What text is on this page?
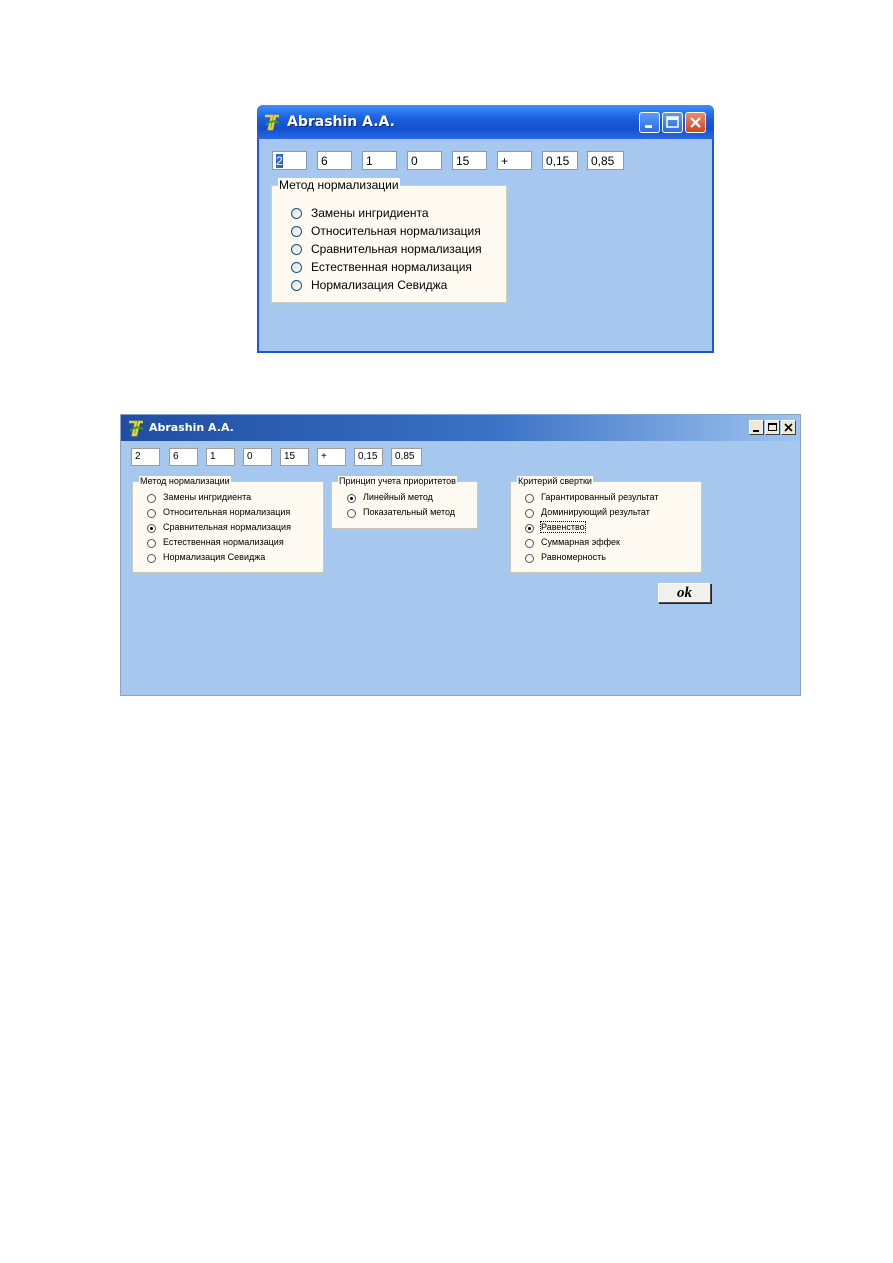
Abrashin A.A.
2	6	1	0	15	+	0,15	0,85
Метод нормализации
Замены ингридиента
Относительная нормализация
Сравнительная нормализация
Естественная нормализация
Нормализация Севиджа
Abrashin A.A.
2	6	1	0	15	+	0,15	0,85
Метод нормализации
Замены ингридиента
Относительная нормализация
Сравнительная нормализация
Естественная нормализация
Нормализация Севиджа
Принцип учета приоритетов
Линейный метод
Показательный метод
Критерий свертки
Гарантированный результат
Доминирующий результат
Равенство
Суммарная эффек
Равномерность
ok
